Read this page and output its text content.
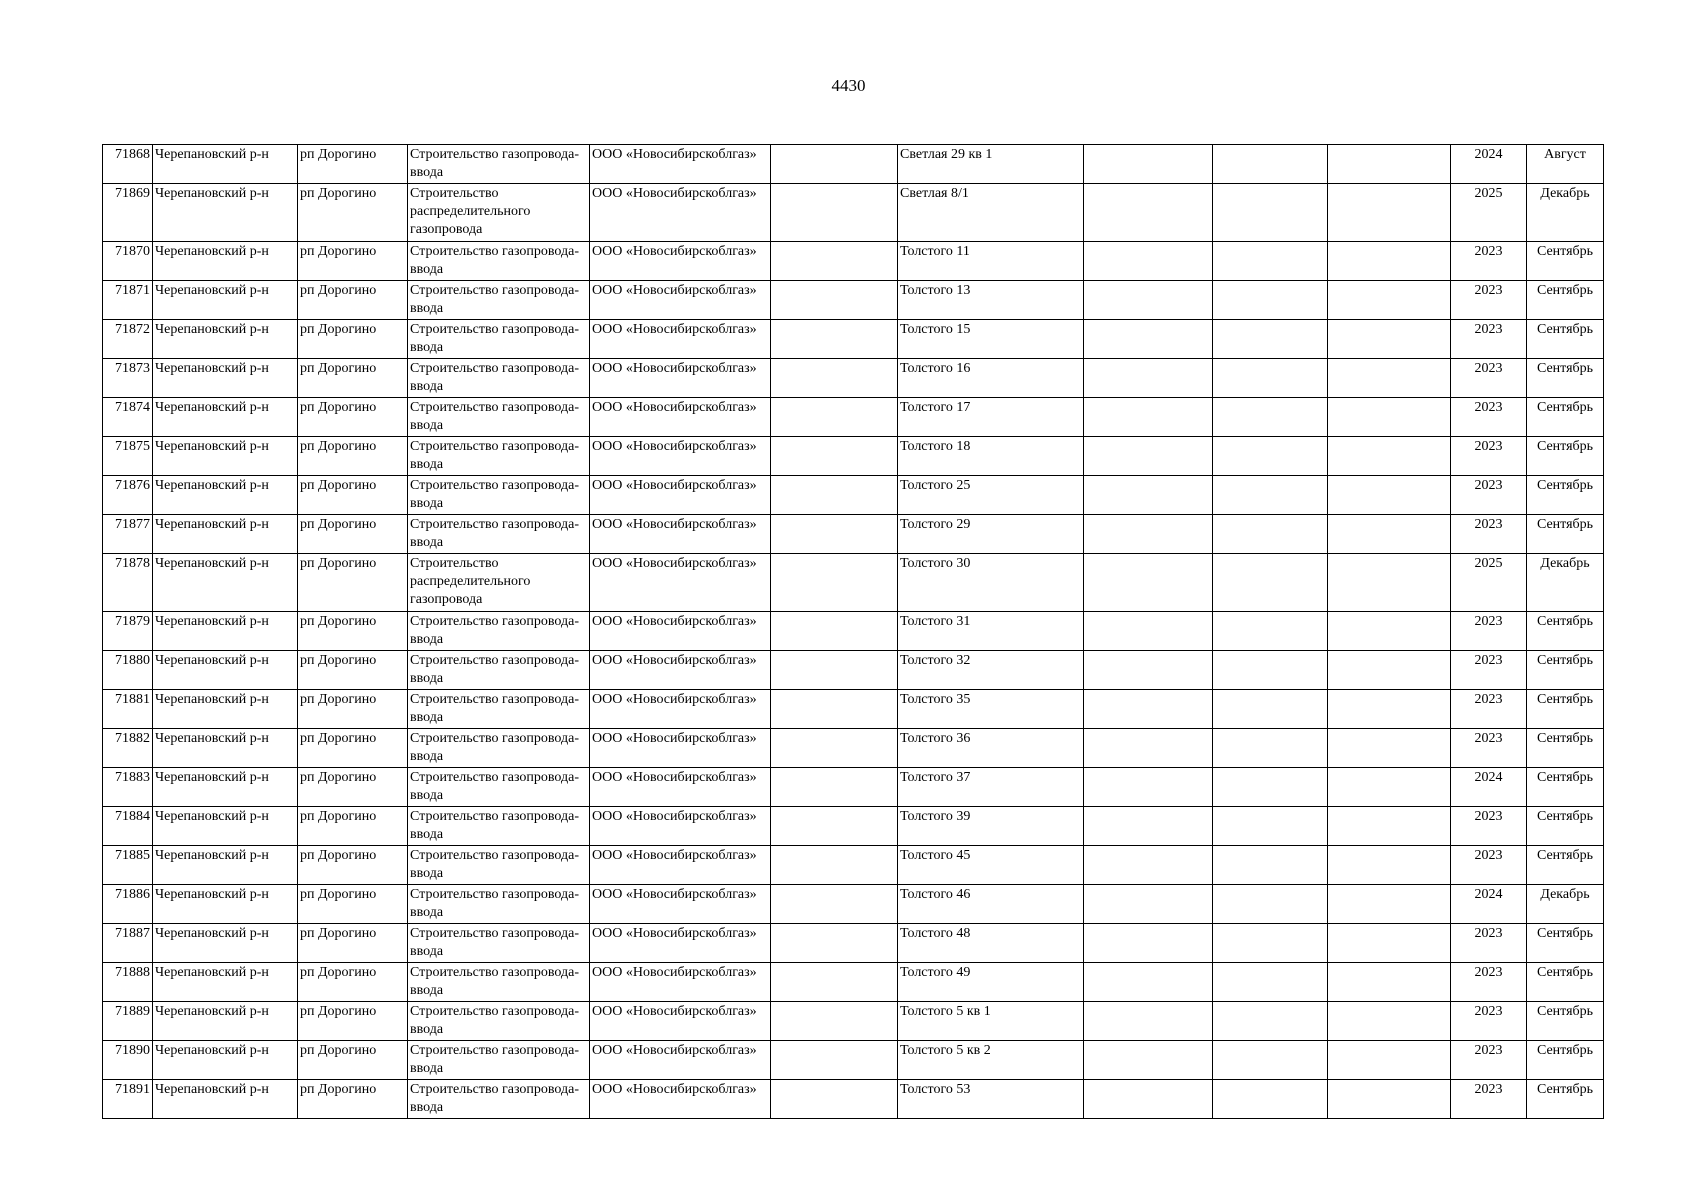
4430
71868	Черепановский р-н	рп Дорогино	Строительство газопровода-ввода	ООО «Новосибирскоблгаз»		Светлая 29 кв 1				2024	Август
71869	Черепановский р-н	рп Дорогино	Строительство распределительного газопровода	ООО «Новосибирскоблгаз»		Светлая 8/1				2025	Декабрь
71870	Черепановский р-н	рп Дорогино	Строительство газопровода-ввода	ООО «Новосибирскоблгаз»		Толстого 11				2023	Сентябрь
71871	Черепановский р-н	рп Дорогино	Строительство газопровода-ввода	ООО «Новосибирскоблгаз»		Толстого 13				2023	Сентябрь
71872	Черепановский р-н	рп Дорогино	Строительство газопровода-ввода	ООО «Новосибирскоблгаз»		Толстого 15				2023	Сентябрь
71873	Черепановский р-н	рп Дорогино	Строительство газопровода-ввода	ООО «Новосибирскоблгаз»		Толстого 16				2023	Сентябрь
71874	Черепановский р-н	рп Дорогино	Строительство газопровода-ввода	ООО «Новосибирскоблгаз»		Толстого 17				2023	Сентябрь
71875	Черепановский р-н	рп Дорогино	Строительство газопровода-ввода	ООО «Новосибирскоблгаз»		Толстого 18				2023	Сентябрь
71876	Черепановский р-н	рп Дорогино	Строительство газопровода-ввода	ООО «Новосибирскоблгаз»		Толстого 25				2023	Сентябрь
71877	Черепановский р-н	рп Дорогино	Строительство газопровода-ввода	ООО «Новосибирскоблгаз»		Толстого 29				2023	Сентябрь
71878	Черепановский р-н	рп Дорогино	Строительство распределительного газопровода	ООО «Новосибирскоблгаз»		Толстого 30				2025	Декабрь
71879	Черепановский р-н	рп Дорогино	Строительство газопровода-ввода	ООО «Новосибирскоблгаз»		Толстого 31				2023	Сентябрь
71880	Черепановский р-н	рп Дорогино	Строительство газопровода-ввода	ООО «Новосибирскоблгаз»		Толстого 32				2023	Сентябрь
71881	Черепановский р-н	рп Дорогино	Строительство газопровода-ввода	ООО «Новосибирскоблгаз»		Толстого 35				2023	Сентябрь
71882	Черепановский р-н	рп Дорогино	Строительство газопровода-ввода	ООО «Новосибирскоблгаз»		Толстого 36				2023	Сентябрь
71883	Черепановский р-н	рп Дорогино	Строительство газопровода-ввода	ООО «Новосибирскоблгаз»		Толстого 37				2024	Сентябрь
71884	Черепановский р-н	рп Дорогино	Строительство газопровода-ввода	ООО «Новосибирскоблгаз»		Толстого 39				2023	Сентябрь
71885	Черепановский р-н	рп Дорогино	Строительство газопровода-ввода	ООО «Новосибирскоблгаз»		Толстого 45				2023	Сентябрь
71886	Черепановский р-н	рп Дорогино	Строительство газопровода-ввода	ООО «Новосибирскоблгаз»		Толстого 46				2024	Декабрь
71887	Черепановский р-н	рп Дорогино	Строительство газопровода-ввода	ООО «Новосибирскоблгаз»		Толстого 48				2023	Сентябрь
71888	Черепановский р-н	рп Дорогино	Строительство газопровода-ввода	ООО «Новосибирскоблгаз»		Толстого 49				2023	Сентябрь
71889	Черепановский р-н	рп Дорогино	Строительство газопровода-ввода	ООО «Новосибирскоблгаз»		Толстого 5 кв 1				2023	Сентябрь
71890	Черепановский р-н	рп Дорогино	Строительство газопровода-ввода	ООО «Новосибирскоблгаз»		Толстого 5 кв 2				2023	Сентябрь
71891	Черепановский р-н	рп Дорогино	Строительство газопровода-ввода	ООО «Новосибирскоблгаз»		Толстого 53				2023	Сентябрь
